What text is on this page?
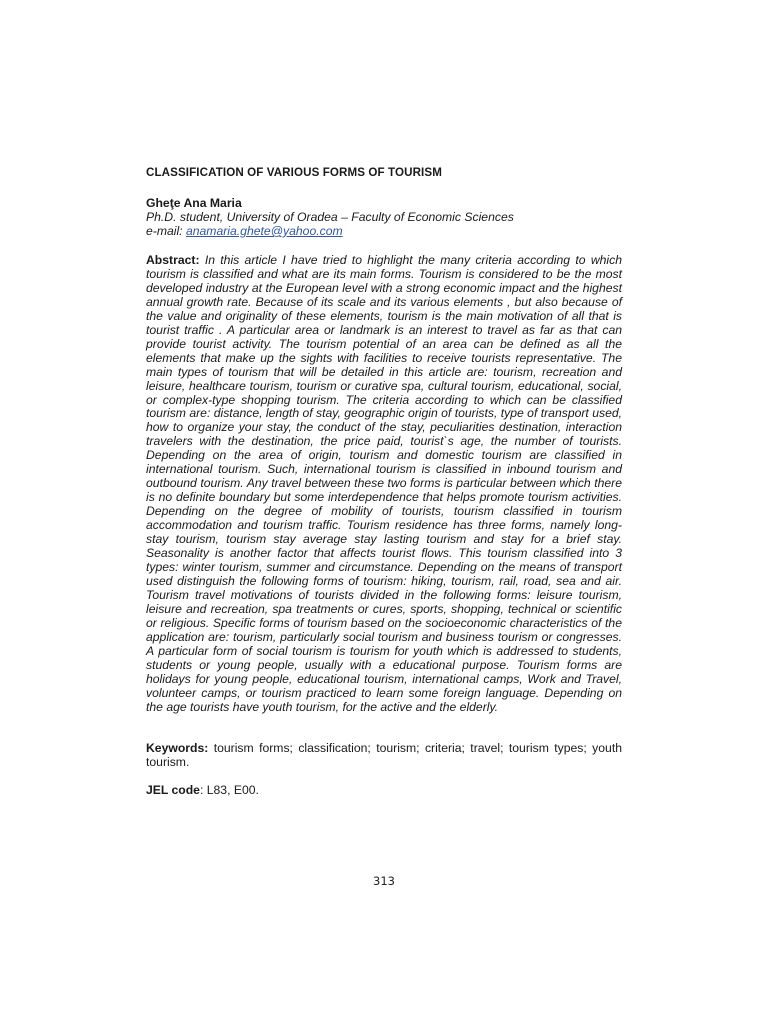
CLASSIFICATION OF VARIOUS FORMS OF TOURISM
Gheţe Ana Maria
Ph.D. student, University of Oradea – Faculty of Economic Sciences
e-mail: anamaria.ghete@yahoo.com
Abstract: In this article I have tried to highlight the many criteria according to which tourism is classified and what are its main forms. Tourism is considered to be the most developed industry at the European level with a strong economic impact and the highest annual growth rate. Because of its scale and its various elements , but also because of the value and originality of these elements, tourism is the main motivation of all that is tourist traffic . A particular area or landmark is an interest to travel as far as that can provide tourist activity. The tourism potential of an area can be defined as all the elements that make up the sights with facilities to receive tourists representative. The main types of tourism that will be detailed in this article are: tourism, recreation and leisure, healthcare tourism, tourism or curative spa, cultural tourism, educational, social, or complex-type shopping tourism. The criteria according to which can be classified tourism are: distance, length of stay, geographic origin of tourists, type of transport used, how to organize your stay, the conduct of the stay, peculiarities destination, interaction travelers with the destination, the price paid, tourist`s age, the number of tourists. Depending on the area of origin, tourism and domestic tourism are classified in international tourism. Such, international tourism is classified in inbound tourism and outbound tourism. Any travel between these two forms is particular between which there is no definite boundary but some interdependence that helps promote tourism activities. Depending on the degree of mobility of tourists, tourism classified in tourism accommodation and tourism traffic. Tourism residence has three forms, namely long-stay tourism, tourism stay average stay lasting tourism and stay for a brief stay. Seasonality is another factor that affects tourist flows. This tourism classified into 3 types: winter tourism, summer and circumstance. Depending on the means of transport used distinguish the following forms of tourism: hiking, tourism, rail, road, sea and air. Tourism travel motivations of tourists divided in the following forms: leisure tourism, leisure and recreation, spa treatments or cures, sports, shopping, technical or scientific or religious. Specific forms of tourism based on the socioeconomic characteristics of the application are: tourism, particularly social tourism and business tourism or congresses. A particular form of social tourism is tourism for youth which is addressed to students, students or young people, usually with a educational purpose. Tourism forms are holidays for young people, educational tourism, international camps, Work and Travel, volunteer camps, or tourism practiced to learn some foreign language. Depending on the age tourists have youth tourism, for the active and the elderly.
Keywords: tourism forms; classification; tourism; criteria; travel; tourism types; youth tourism.
JEL code: L83, E00.
313
